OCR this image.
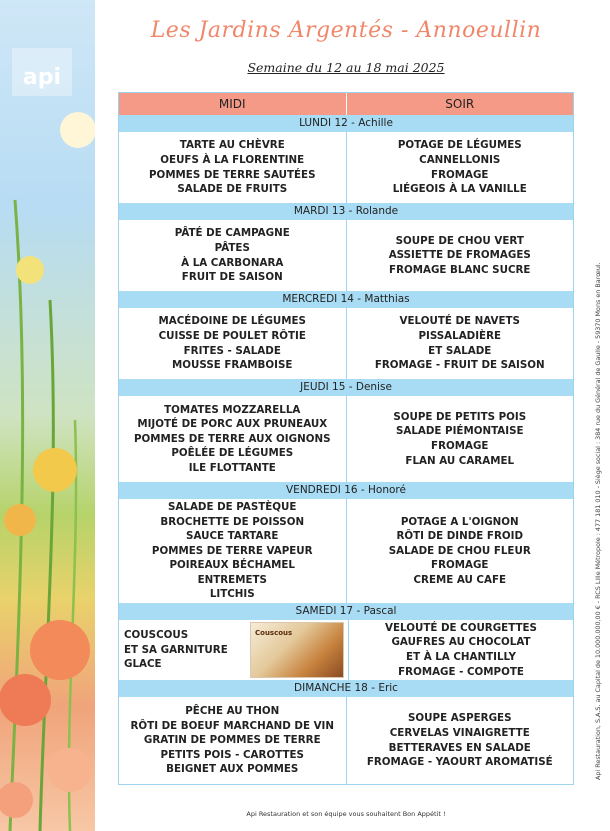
api
Les Jardins Argentés - Annoeullin
Semaine du 12 au 18 mai 2025
MIDI	SOIR
LUNDI 12 - Achille
TARTE AU CHÈVRE
OEUFS À LA FLORENTINE
POMMES DE TERRE SAUTÉES
SALADE DE FRUITS
POTAGE DE LÉGUMES
CANNELLONIS
FROMAGE
LIÉGEOIS À LA VANILLE
MARDI 13 - Rolande
PÂTÉ DE CAMPAGNE
PÂTES
À LA CARBONARA
FRUIT DE SAISON
SOUPE DE CHOU VERT
ASSIETTE DE FROMAGES
FROMAGE BLANC SUCRE
MERCREDI 14 - Matthias
MACÉDOINE DE LÉGUMES
CUISSE DE POULET RÔTIE
FRITES - SALADE
MOUSSE FRAMBOISE
VELOUTÉ DE NAVETS
PISSALADIÈRE
ET SALADE
FROMAGE - FRUIT DE SAISON
JEUDI 15 - Denise
TOMATES MOZZARELLA
MIJOTÉ DE PORC AUX PRUNEAUX
POMMES DE TERRE AUX OIGNONS
POÊLÉE DE LÉGUMES
ILE FLOTTANTE
SOUPE DE PETITS POIS
SALADE PIÉMONTAISE
FROMAGE
FLAN AU CARAMEL
VENDREDI 16 - Honoré
SALADE DE PASTÈQUE
BROCHETTE DE POISSON
SAUCE TARTARE
POMMES DE TERRE VAPEUR
POIREAUX BÉCHAMEL
ENTREMETS
LITCHIS
POTAGE A L'OIGNON
RÔTI DE DINDE FROID
SALADE DE CHOU FLEUR
FROMAGE
CREME AU CAFE
SAMEDI 17 - Pascal
COUSCOUS
ET SA GARNITURE
GLACE
Couscous	VELOUTÉ DE COURGETTES
GAUFRES AU CHOCOLAT
ET À LA CHANTILLY
FROMAGE - COMPOTE
DIMANCHE 18 - Eric
PÊCHE AU THON
RÔTI DE BOEUF MARCHAND DE VIN
GRATIN DE POMMES DE TERRE
PETITS POIS - CAROTTES
BEIGNET AUX POMMES
SOUPE ASPERGES
CERVELAS VINAIGRETTE
BETTERAVES EN SALADE
FROMAGE - YAOURT AROMATISÉ
Api Restauration et son équipe vous souhaitent Bon Appétit !
Api Restauration, S.A.S. au Capital de 10.000.000,00 € - RCS Lille Métropole : 477 181 010 - Siège social : 384 rue du Général de Gaulle - 59370 Mons en Barœul.
